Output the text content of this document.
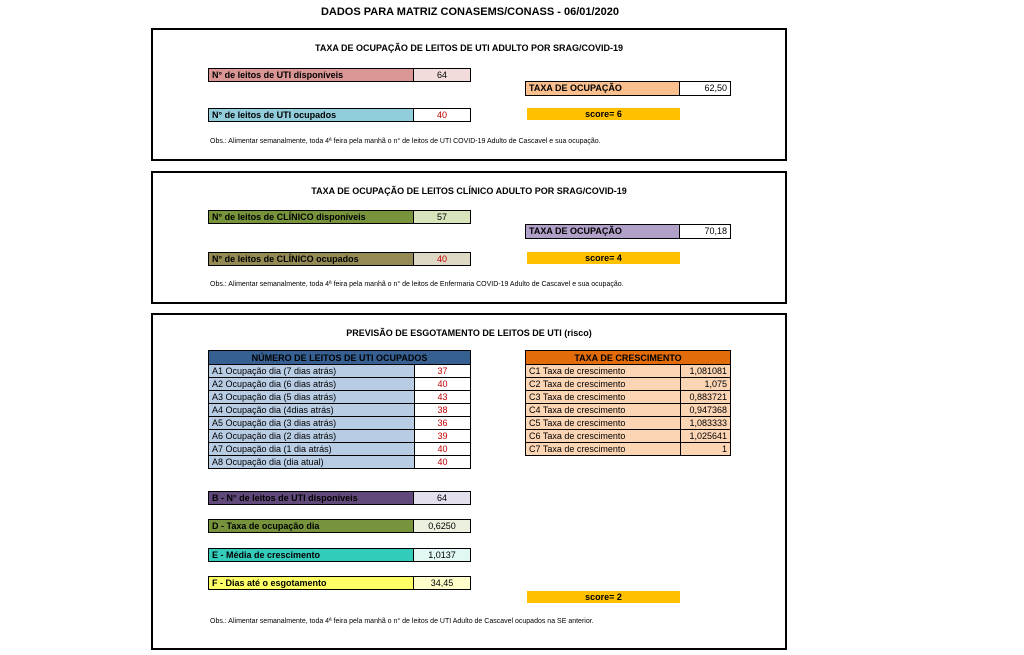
DADOS PARA MATRIZ CONASEMS/CONASS - 06/01/2020
TAXA DE OCUPAÇÃO DE LEITOS DE UTI ADULTO POR SRAG/COVID-19
N° de leitos de UTI disponíveis	64
N° de leitos de UTI ocupados	40
TAXA DE OCUPAÇÃO	62,50
score= 6
Obs.: Alimentar semanalmente, toda 4ª feira pela manhã o n° de leitos de UTI COVID-19 Adulto de Cascavel e sua ocupação.
TAXA DE OCUPAÇÃO DE LEITOS CLÍNICO ADULTO POR SRAG/COVID-19
N° de leitos de CLÍNICO disponíveis	57
N° de leitos de CLÍNICO ocupados	40
TAXA DE OCUPAÇÃO	70,18
score= 4
Obs.: Alimentar semanalmente, toda 4ª feira pela manhã o n° de leitos de Enfermaria COVID-19 Adulto de Cascavel e sua ocupação.
PREVISÃO DE ESGOTAMENTO DE LEITOS DE UTI (risco)
NÚMERO DE LEITOS DE UTI OCUPADOS	
A1 Ocupação dia (7 dias atrás)	37
A2 Ocupação dia (6 dias atrás)	40
A3 Ocupação dia (5 dias atrás)	43
A4 Ocupação dia (4dias atrás)	38
A5 Ocupação dia (3 dias atrás)	36
A6 Ocupação dia (2 dias atrás)	39
A7 Ocupação dia (1 dia atrás)	40
A8 Ocupação dia (dia atual)	40
TAXA DE CRESCIMENTO	
C1 Taxa de crescimento	1,081081
C2 Taxa de crescimento	1,075
C3 Taxa de crescimento	0,883721
C4 Taxa de crescimento	0,947368
C5 Taxa de crescimento	1,083333
C6 Taxa de crescimento	1,025641
C7 Taxa de crescimento	1
B - N° de leitos de UTI disponíveis	64
D - Taxa de ocupação dia	0,6250
E - Média de crescimento	1,0137
F - Dias até o esgotamento	34,45
score= 2
Obs.: Alimentar semanalmente, toda 4ª feira pela manhã o n° de leitos de UTI Adulto de Cascavel ocupados na SE anterior.
